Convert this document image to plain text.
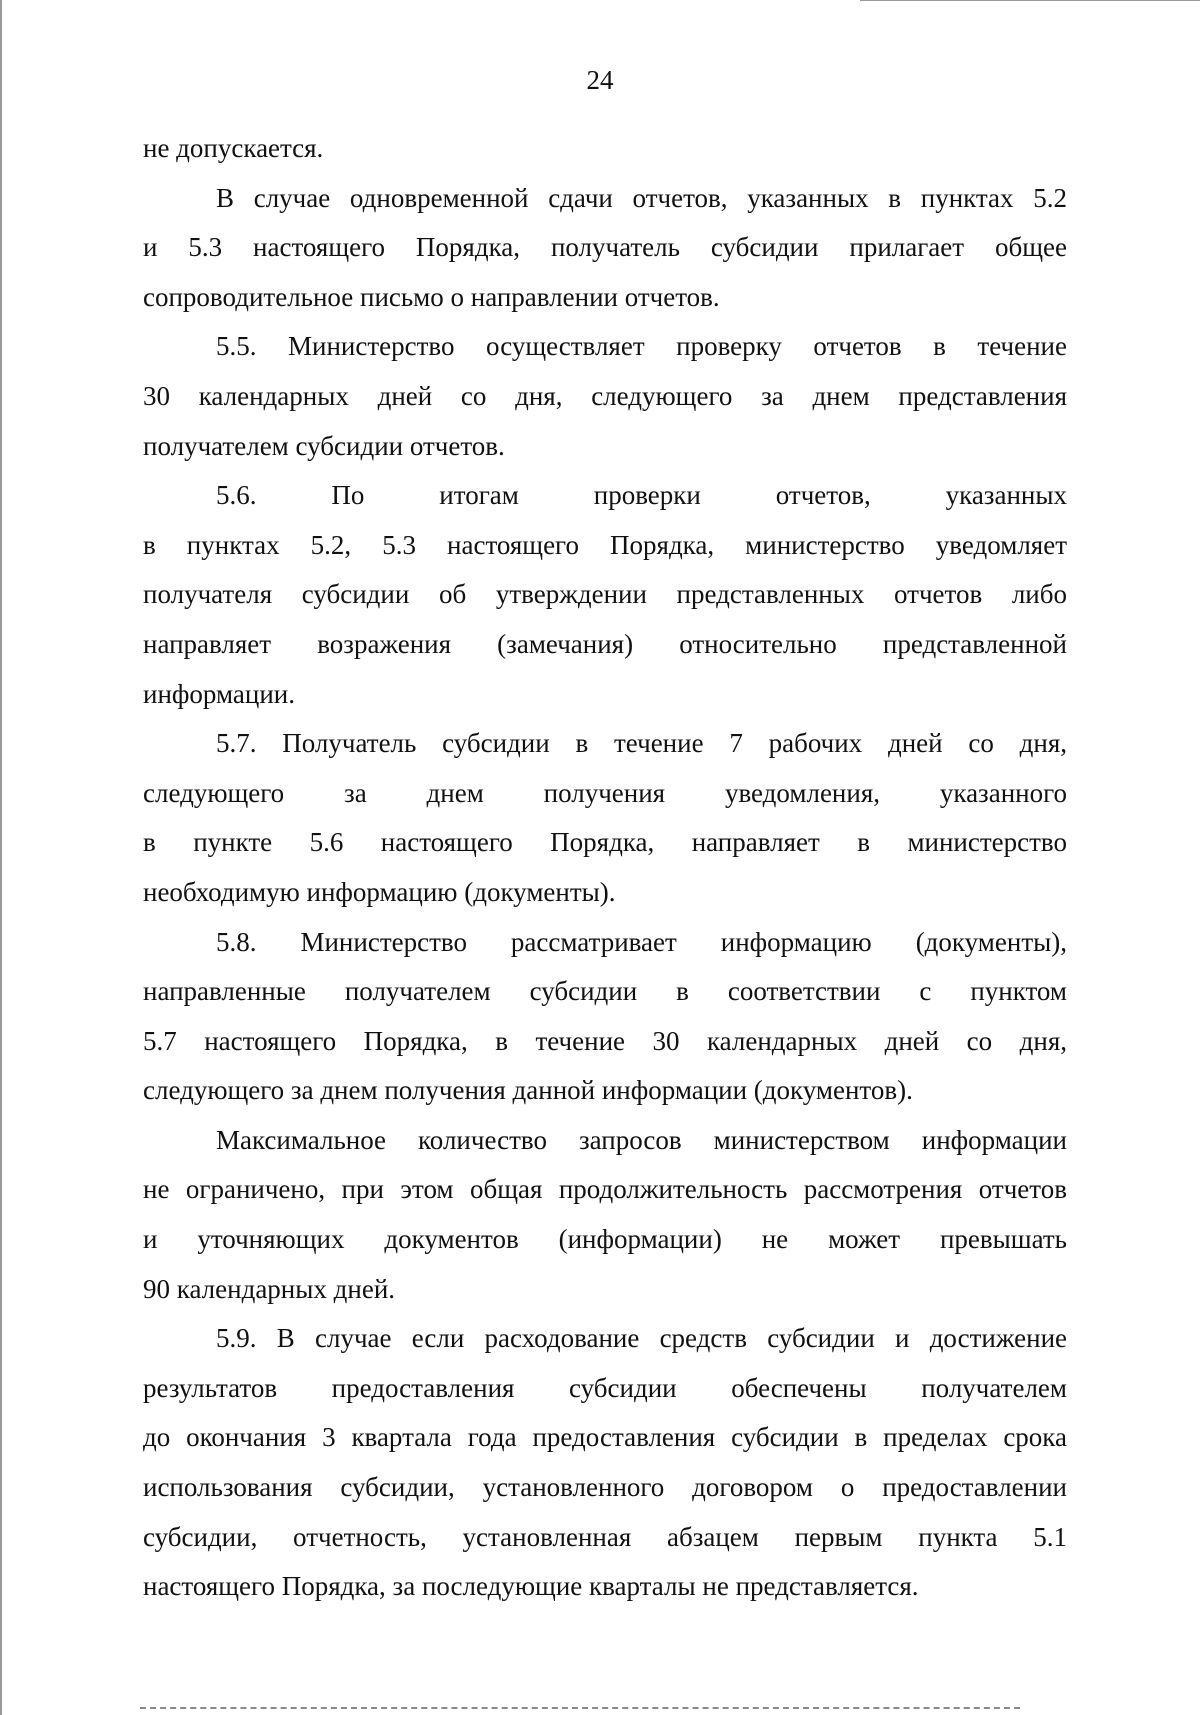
24
не допускается.
В случае одновременной сдачи отчетов, указанных в пунктах 5.2
и 5.3 настоящего Порядка, получатель субсидии прилагает общее
сопроводительное письмо о направлении отчетов.
5.5. Министерство осуществляет проверку отчетов в течение
30 календарных дней со дня, следующего за днем представления
получателем субсидии отчетов.
5.6. По итогам проверки отчетов, указанных
в пунктах 5.2, 5.3 настоящего Порядка, министерство уведомляет
получателя субсидии об утверждении представленных отчетов либо
направляет возражения (замечания) относительно представленной
информации.
5.7. Получатель субсидии в течение 7 рабочих дней со дня,
следующего за днем получения уведомления, указанного
в пункте 5.6 настоящего Порядка, направляет в министерство
необходимую информацию (документы).
5.8. Министерство рассматривает информацию (документы),
направленные получателем субсидии в соответствии с пунктом
5.7 настоящего Порядка, в течение 30 календарных дней со дня,
следующего за днем получения данной информации (документов).
Максимальное количество запросов министерством информации
не ограничено, при этом общая продолжительность рассмотрения отчетов
и уточняющих документов (информации) не может превышать
90 календарных дней.
5.9. В случае если расходование средств субсидии и достижение
результатов предоставления субсидии обеспечены получателем
до окончания 3 квартала года предоставления субсидии в пределах срока
использования субсидии, установленного договором о предоставлении
субсидии, отчетность, установленная абзацем первым пункта 5.1
настоящего Порядка, за последующие кварталы не представляется.
